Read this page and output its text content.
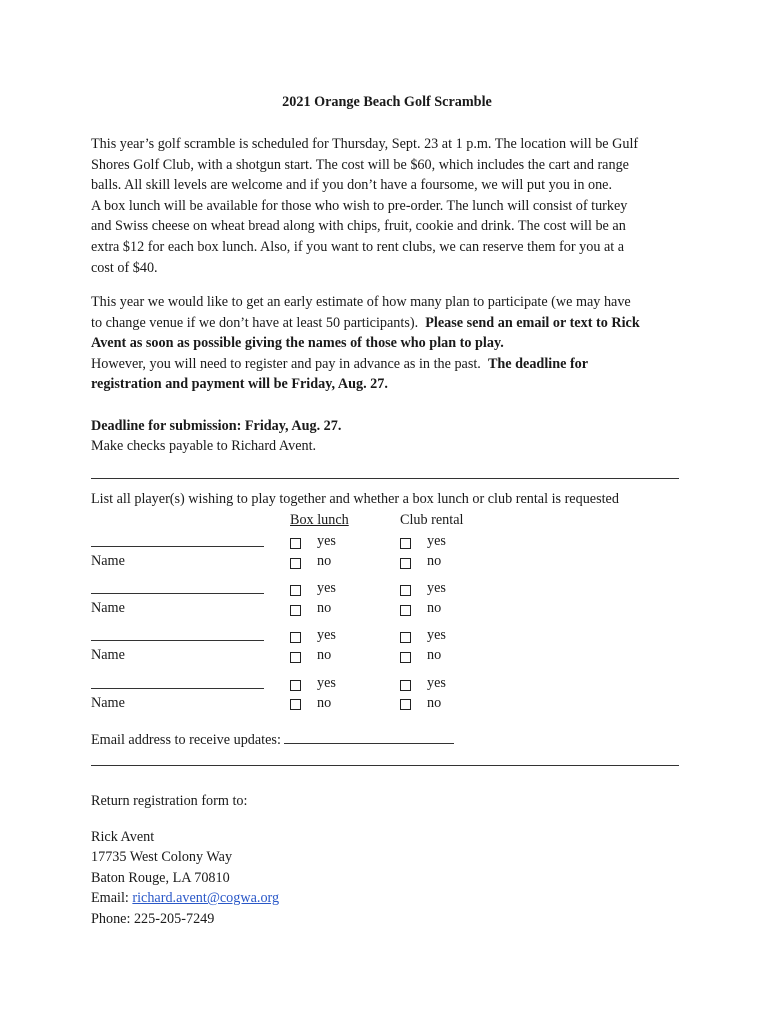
2021 Orange Beach Golf Scramble
This year’s golf scramble is scheduled for Thursday, Sept. 23 at 1 p.m. The location will be Gulf
Shores Golf Club, with a shotgun start. The cost will be $60, which includes the cart and range
balls. All skill levels are welcome and if you don’t have a foursome, we will put you in one.
A box lunch will be available for those who wish to pre-order. The lunch will consist of turkey
and Swiss cheese on wheat bread along with chips, fruit, cookie and drink. The cost will be an
extra $12 for each box lunch. Also, if you want to rent clubs, we can reserve them for you at a
cost of $40.
This year we would like to get an early estimate of how many plan to participate (we may have
to change venue if we don’t have at least 50 participants).  Please send an email or text to Rick
Avent as soon as possible giving the names of those who plan to play.
However, you will need to register and pay in advance as in the past.  The deadline for
registration and payment will be Friday, Aug. 27.
Deadline for submission: Friday, Aug. 27.
Make checks payable to Richard Avent.
List all player(s) wishing to play together and whether a box lunch or club rental is requested
Box lunch	Club rental
Name
yes
no
yes
no
Name
yes
no
yes
no
Name
yes
no
yes
no
Name
yes
no
yes
no
Email address to receive updates:
Return registration form to:
Rick Avent
17735 West Colony Way
Baton Rouge, LA 70810
Email: richard.avent@cogwa.org
Phone: 225-205-7249
